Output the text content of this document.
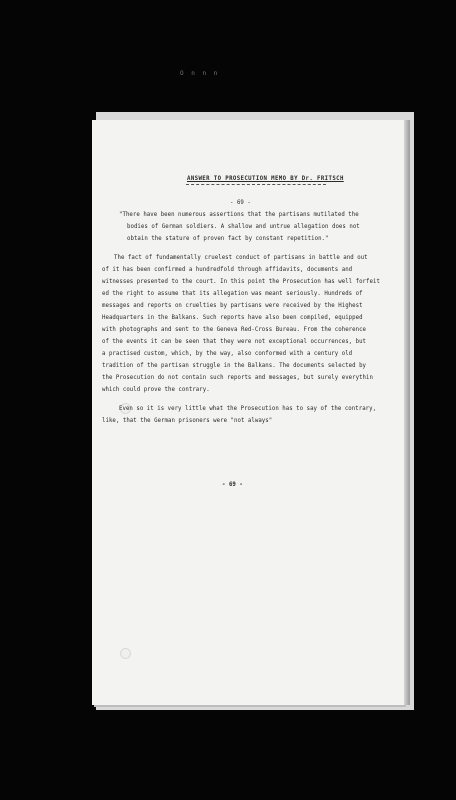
O n n n
ANSWER TO PROSECUTION MEMO BY Dr. FRITSCH
- 69 -
"There have been numerous assertions that the partisans mutilated the
bodies of German soldiers. A shallow and untrue allegation does not
obtain the stature of proven fact by constant repetition."
The fact of fundamentally cruelest conduct of partisans in battle and out
of it has been confirmed a hundredfold through affidavits, documents and
witnesses presented to the court. In this point the Prosecution has well forfeit
ed the right to assume that its allegation was meant seriously. Hundreds of
messages and reports on cruelties by partisans were received by the Highest
Headquarters in the Balkans. Such reports have also been compiled, equipped
with photographs and sent to the Geneva Red-Cross Bureau. From the coherence
of the events it can be seen that they were not exceptional occurrences, but
a practised custom, which, by the way, also conformed with a century old
tradition of the partisan struggle in the Balkans. The documents selected by
the Prosecution do not contain such reports and messages, but surely everythin
which could prove the contrary.
Even so it is very little what the Prosecution has to say of the contrary,
like, that the German prisoners were "not always"
- 69 -
